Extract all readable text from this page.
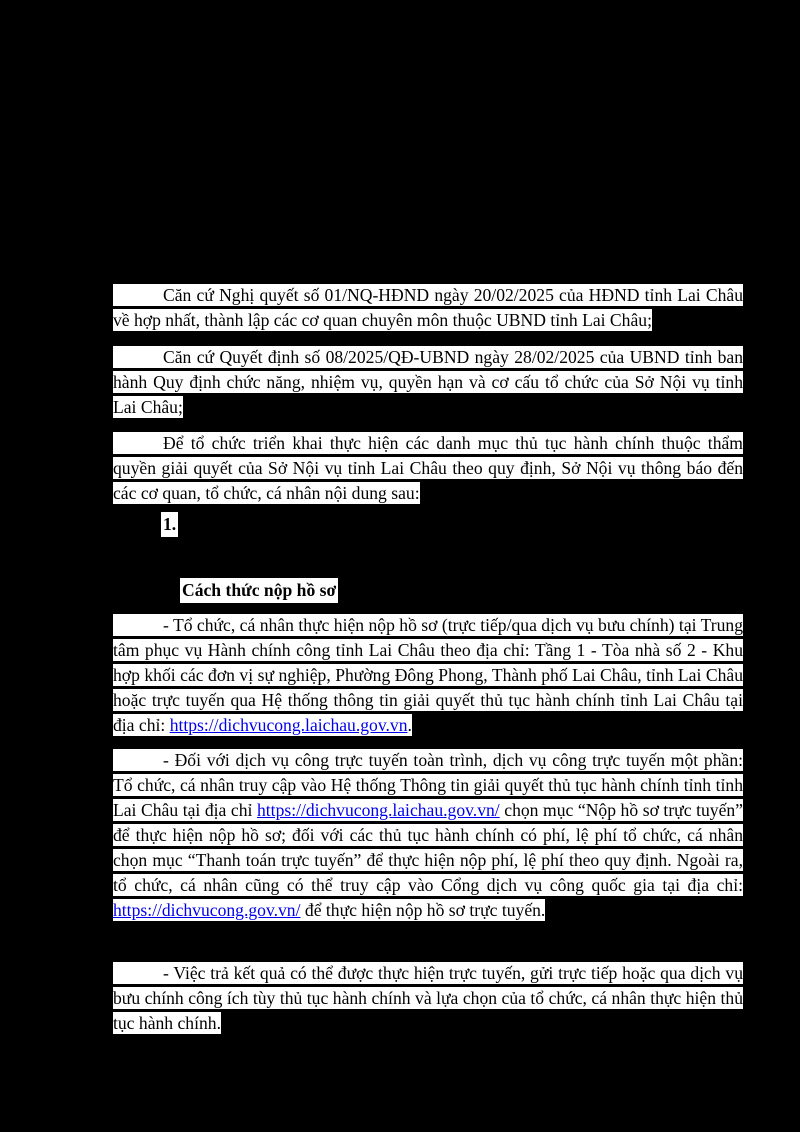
Căn cứ Nghị quyết số 01/NQ-HĐND ngày 20/02/2025 của HĐND tỉnh Lai Châu về hợp nhất, thành lập các cơ quan chuyên môn thuộc UBND tỉnh Lai Châu;

Căn cứ Quyết định số 08/2025/QĐ-UBND ngày 28/02/2025 của UBND tỉnh ban hành Quy định chức năng, nhiệm vụ, quyền hạn và cơ cấu tổ chức của Sở Nội vụ tỉnh Lai Châu;

Để tổ chức triển khai thực hiện các danh mục thủ tục hành chính thuộc thẩm quyền giải quyết của Sở Nội vụ tỉnh Lai Châu theo quy định, Sở Nội vụ thông báo đến các cơ quan, tổ chức, cá nhân nội dung sau:

1.
Cách thức nộp hồ sơ

- Tổ chức, cá nhân thực hiện nộp hồ sơ (trực tiếp/qua dịch vụ bưu chính) tại Trung tâm phục vụ Hành chính công tỉnh Lai Châu theo địa chỉ: Tầng 1 - Tòa nhà số 2 - Khu hợp khối các đơn vị sự nghiệp, Phường Đông Phong, Thành phố Lai Châu, tỉnh Lai Châu hoặc trực tuyến qua Hệ thống thông tin giải quyết thủ tục hành chính tỉnh Lai Châu tại địa chỉ: https://dichvucong.laichau.gov.vn.

- Đối với dịch vụ công trực tuyến toàn trình, dịch vụ công trực tuyến một phần: Tổ chức, cá nhân truy cập vào Hệ thống Thông tin giải quyết thủ tục hành chính tỉnh tỉnh Lai Châu tại địa chỉ https://dichvucong.laichau.gov.vn/ chọn mục “Nộp hồ sơ trực tuyến” để thực hiện nộp hồ sơ; đối với các thủ tục hành chính có phí, lệ phí tổ chức, cá nhân chọn mục “Thanh toán trực tuyến” để thực hiện nộp phí, lệ phí theo quy định. Ngoài ra, tổ chức, cá nhân cũng có thể truy cập vào Cổng dịch vụ công quốc gia tại địa chỉ: https://dichvucong.gov.vn/ để thực hiện nộp hồ sơ trực tuyến.

- Việc trả kết quả có thể được thực hiện trực tuyến, gửi trực tiếp hoặc qua dịch vụ bưu chính công ích tùy thủ tục hành chính và lựa chọn của tổ chức, cá nhân thực hiện thủ tục hành chính.
